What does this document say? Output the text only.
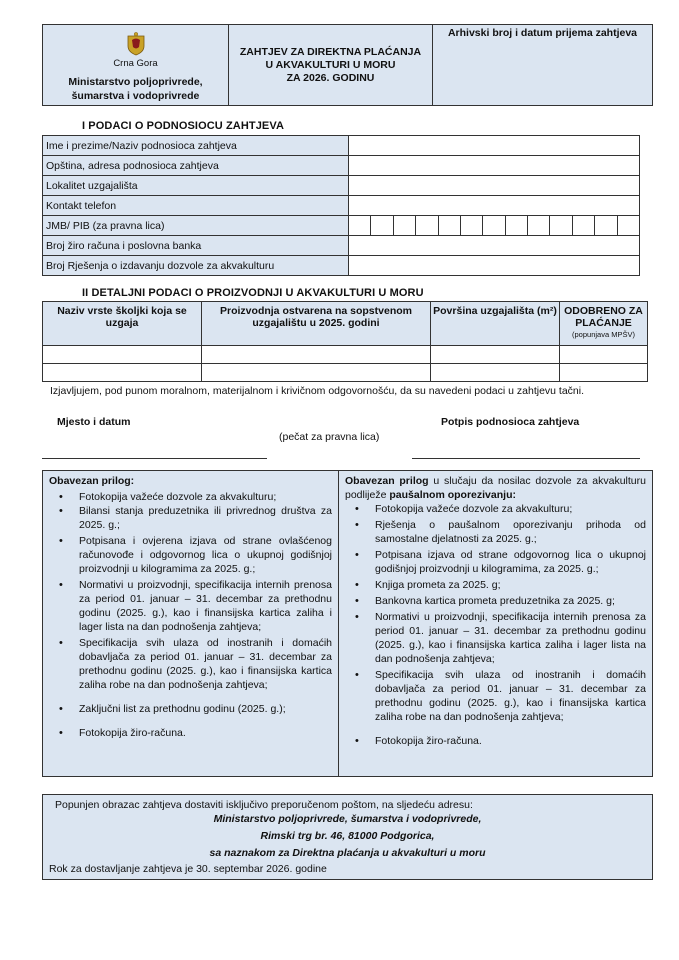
Crna Gora
Ministarstvo poljoprivrede, šumarstva i vodoprivrede

ZAHTJEV ZA DIREKTNA PLAĆANJA
U AKVAKULTURI U MORU
ZA 2026. GODINU
	Arhivski broj i datum prijema zahtjeva
I PODACI O PODNOSIOCU ZAHTJEVA
Ime i prezime/Naziv podnosioca zahtjeva	
Opština, adresa podnosioca zahtjeva	
Lokalitet uzgajališta	
Kontakt telefon	
JMB/ PIB (za pravna lica)	

Broj žiro računa i poslovna banka	
Broj Rješenja o izdavanju dozvole za akvakulturu	
II DETALJNI PODACI O PROIZVODNJI U AKVAKULTURI U MORU
Naziv vrste školjki koja se uzgaja	Proizvodnja ostvarena na sopstvenom uzgajalištu u 2025. godini	Površina uzgajališta (m²)	ODOBRENO ZA PLAĆANJE
(popunjava MPŠV)

Izjavljujem, pod punom moralnom, materijalnom i krivičnom odgovornošću, da su navedeni podaci u zahtjevu tačni.
Mjesto i datum	Potpis podnosioca zahtjeva
(pečat za pravna lica)
Obavezan prilog:
• Fotokopija važeće dozvole za akvakulturu;
• Bilansi stanja preduzetnika ili privrednog društva za 2025. g.;
• Potpisana i ovjerena izjava od strane ovlašćenog računovođe i odgovornog lica o ukupnoj godišnjoj proizvodnji u kilogramima za 2025. g.;
• Normativi u proizvodnji, specifikacija internih prenosa za period 01. januar – 31. decembar za prethodnu godinu (2025. g.), kao i finansijska kartica zaliha i lager lista na dan podnošenja zahtjeva;
• Specifikacija svih ulaza od inostranih i domaćih dobavljača za period 01. januar – 31. decembar za prethodnu godinu (2025. g.), kao i finansijska kartica zaliha robe na dan podnošenja zahtjeva;
• Zaključni list za prethodnu godinu (2025. g.);
• Fotokopija žiro-računa.

Obavezan prilog u slučaju da nosilac dozvole za akvakulturu podliježe paušalnom oporezivanju:
• Fotokopija važeće dozvole za akvakulturu;
• Rješenja o paušalnom oporezivanju prihoda od samostalne djelatnosti za 2025. g.;
• Potpisana izjava od strane odgovornog lica o ukupnoj godišnjoj proizvodnji u kilogramima, za 2025. g.;
• Knjiga prometa za 2025. g;
• Bankovna kartica prometa preduzetnika za 2025. g;
• Normativi u proizvodnji, specifikacija internih prenosa za period 01. januar – 31. decembar za prethodnu godinu (2025. g.), kao i finansijska kartica zaliha i lager lista na dan podnošenja zahtjeva;
• Specifikacija svih ulaza od inostranih i domaćih dobavljača za period 01. januar – 31. decembar za prethodnu godinu (2025. g.), kao i finansijska kartica zaliha robe na dan podnošenja zahtjeva;
• Fotokopija žiro-računa.
Popunjen obrazac zahtjeva dostaviti isključivo preporučenom poštom, na sljedeću adresu:
Ministarstvo poljoprivrede, šumarstva i vodoprivrede,
Rimski trg br. 46, 81000 Podgorica,
sa naznakom za Direktna plaćanja u akvakulturi u moru
Rok za dostavljanje zahtjeva je 30. septembar 2026. godine
